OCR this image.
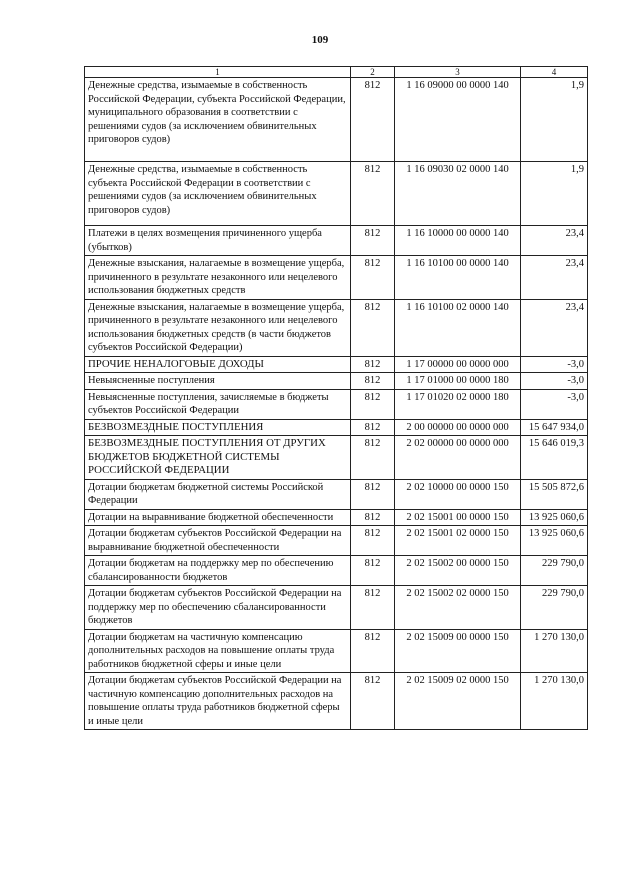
109
1	2	3	4
Денежные средства, изымаемые в собственность Российской Федерации, субъекта Российской Федерации, муниципального образования в соответствии с решениями судов (за исключением обвинительных приговоров судов)	812	1 16 09000 00 0000 140	1,9
Денежные средства, изымаемые в собственность субъекта Российской Федерации в соответствии с решениями судов (за исключением обвинительных приговоров судов)	812	1 16 09030 02 0000 140	1,9
Платежи в целях возмещения причиненного ущерба (убытков)	812	1 16 10000 00 0000 140	23,4
Денежные взыскания, налагаемые в возмещение ущерба, причиненного в результате незаконного или нецелевого использования бюджетных средств	812	1 16 10100 00 0000 140	23,4
Денежные взыскания, налагаемые в возмещение ущерба, причиненного в результате незаконного или нецелевого использования бюджетных средств (в части бюджетов субъектов Российской Федерации)	812	1 16 10100 02 0000 140	23,4
ПРОЧИЕ НЕНАЛОГОВЫЕ ДОХОДЫ	812	1 17 00000 00 0000 000	-3,0
Невыясненные поступления	812	1 17 01000 00 0000 180	-3,0
Невыясненные поступления, зачисляемые в бюджеты субъектов Российской Федерации	812	1 17 01020 02 0000 180	-3,0
БЕЗВОЗМЕЗДНЫЕ ПОСТУПЛЕНИЯ	812	2 00 00000 00 0000 000	15 647 934,0
БЕЗВОЗМЕЗДНЫЕ ПОСТУПЛЕНИЯ ОТ ДРУГИХ БЮДЖЕТОВ БЮДЖЕТНОЙ СИСТЕМЫ РОССИЙСКОЙ ФЕДЕРАЦИИ	812	2 02 00000 00 0000 000	15 646 019,3
Дотации бюджетам бюджетной системы Российской Федерации	812	2 02 10000 00 0000 150	15 505 872,6
Дотации на выравнивание бюджетной обеспеченности	812	2 02 15001 00 0000 150	13 925 060,6
Дотации бюджетам субъектов Российской Федерации на выравнивание бюджетной обеспеченности	812	2 02 15001 02 0000 150	13 925 060,6
Дотации бюджетам на поддержку мер по обеспечению сбалансированности бюджетов	812	2 02 15002 00 0000 150	229 790,0
Дотации бюджетам субъектов Российской Федерации на поддержку мер по обеспечению сбалансированности бюджетов	812	2 02 15002 02 0000 150	229 790,0
Дотации бюджетам на частичную компенсацию дополнительных расходов на повышение оплаты труда работников бюджетной сферы и иные цели	812	2 02 15009 00 0000 150	1 270 130,0
Дотации бюджетам субъектов Российской Федерации на частичную компенсацию дополнительных расходов на повышение оплаты труда работников бюджетной сферы и иные цели	812	2 02 15009 02 0000 150	1 270 130,0
